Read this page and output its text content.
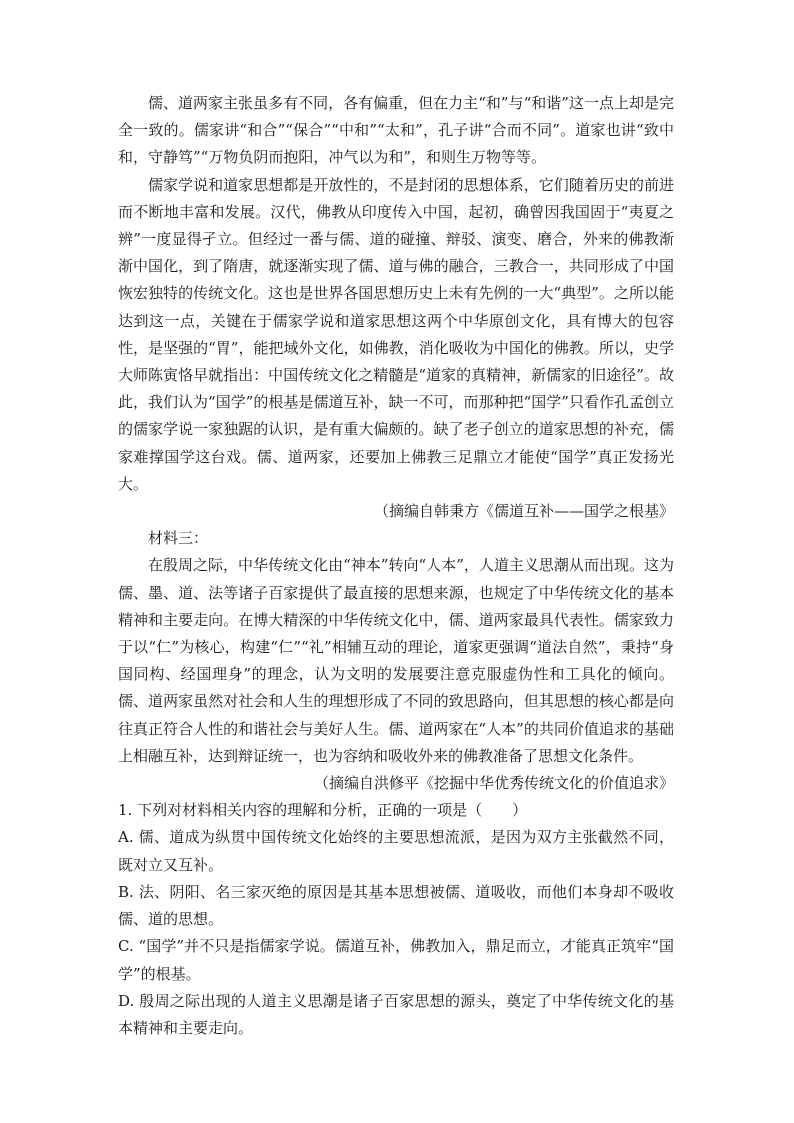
儒、道两家主张虽多有不同，各有偏重，但在力主“和”与“和谐”这一点上却是完全一致的。儒家讲“和合”“保合”“中和”“太和”，孔子讲“合而不同”。道家也讲“致中和，守静笃”“万物负阴而抱阳，冲气以为和”，和则生万物等等。

儒家学说和道家思想都是开放性的，不是封闭的思想体系，它们随着历史的前进而不断地丰富和发展。汉代，佛教从印度传入中国，起初，确曾因我国固于“夷夏之辨”一度显得孑立。但经过一番与儒、道的碰撞、辩驳、演变、磨合，外来的佛教渐渐中国化，到了隋唐，就逐渐实现了儒、道与佛的融合，三教合一，共同形成了中国恢宏独特的传统文化。这也是世界各国思想历史上未有先例的一大“典型”。之所以能达到这一点，关键在于儒家学说和道家思想这两个中华原创文化，具有博大的包容性，是坚强的“胃”，能把域外文化，如佛教，消化吸收为中国化的佛教。所以，史学大师陈寅恪早就指出：中国传统文化之精髓是“道家的真精神，新儒家的旧途径”。故此，我们认为“国学”的根基是儒道互补，缺一不可，而那种把“国学”只看作孔孟创立的儒家学说一家独踞的认识，是有重大偏颇的。缺了老子创立的道家思想的补充，儒家难撑国学这台戏。儒、道两家，还要加上佛教三足鼎立才能使“国学”真正发扬光大。

（摘编自韩秉方《儒道互补——国学之根基》

材料三：

在殷周之际，中华传统文化由“神本”转向“人本”，人道主义思潮从而出现。这为儒、墨、道、法等诸子百家提供了最直接的思想来源，也规定了中华传统文化的基本精神和主要走向。在博大精深的中华传统文化中，儒、道两家最具代表性。儒家致力于以“仁”为核心，构建“仁”“礼”相辅互动的理论，道家更强调“道法自然”，秉持“身国同构、经国理身”的理念，认为文明的发展要注意克服虚伪性和工具化的倾向。儒、道两家虽然对社会和人生的理想形成了不同的致思路向，但其思想的核心都是向往真正符合人性的和谐社会与美好人生。儒、道两家在“人本”的共同价值追求的基础上相融互补，达到辩证统一，也为容纳和吸收外来的佛教准备了思想文化条件。

（摘编自洪修平《挖掘中华优秀传统文化的价值追求》

1. 下列对材料相关内容的理解和分析，正确的一项是（　　）

A. 儒、道成为纵贯中国传统文化始终的主要思想流派，是因为双方主张截然不同，既对立又互补。

B. 法、阴阳、名三家灭绝的原因是其基本思想被儒、道吸收，而他们本身却不吸收儒、道的思想。

C. “国学”并不只是指儒家学说。儒道互补，佛教加入，鼎足而立，才能真正筑牢“国学”的根基。

D. 殷周之际出现的人道主义思潮是诸子百家思想的源头，奠定了中华传统文化的基本精神和主要走向。
